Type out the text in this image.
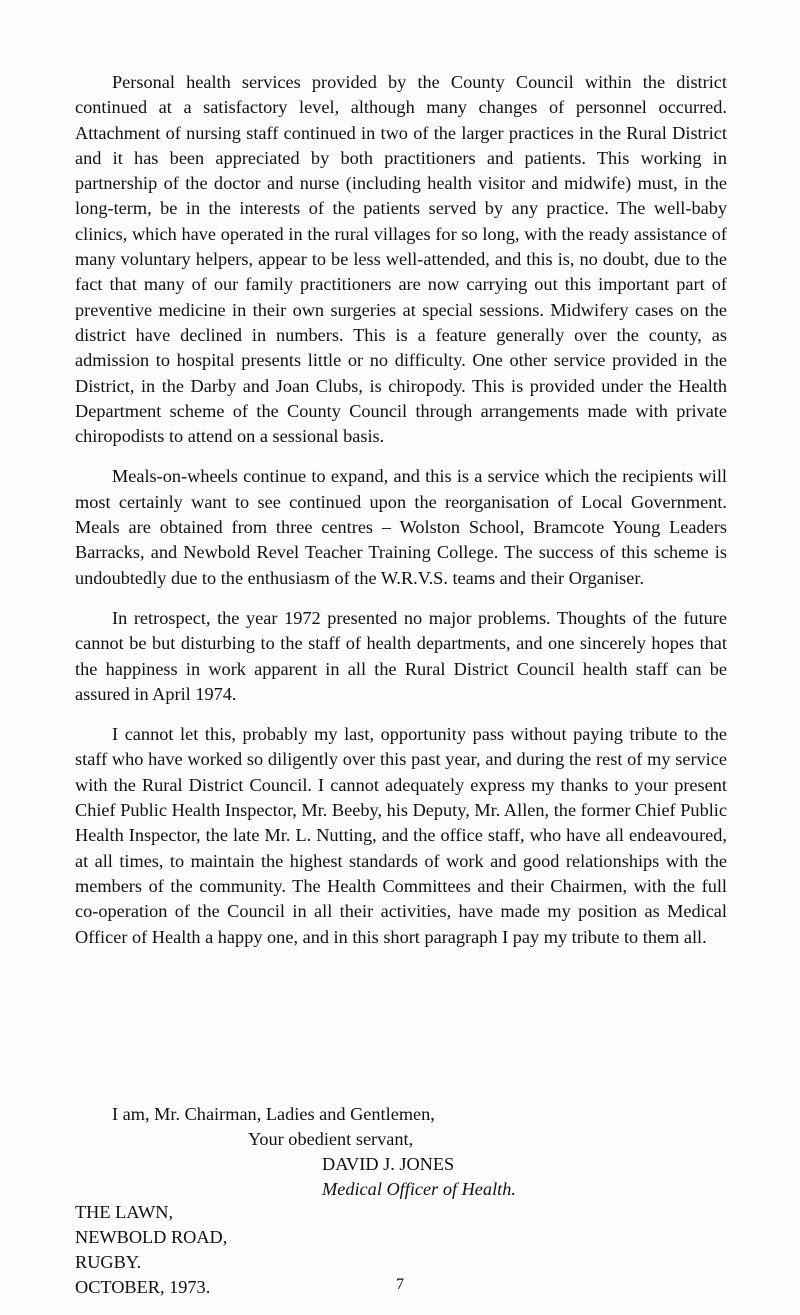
Personal health services provided by the County Council within the district continued at a satisfactory level, although many changes of personnel occurred. Attachment of nursing staff continued in two of the larger practices in the Rural District and it has been appreciated by both practitioners and patients. This working in partnership of the doctor and nurse (including health visitor and midwife) must, in the long-term, be in the interests of the patients served by any practice. The well-baby clinics, which have operated in the rural villages for so long, with the ready assistance of many voluntary helpers, appear to be less well-attended, and this is, no doubt, due to the fact that many of our family practitioners are now carrying out this important part of preventive medicine in their own surgeries at special sessions. Midwifery cases on the district have declined in numbers. This is a feature generally over the county, as admission to hospital presents little or no difficulty. One other service provided in the District, in the Darby and Joan Clubs, is chiropody. This is provided under the Health Department scheme of the County Council through arrangements made with private chiropodists to attend on a sessional basis.

Meals-on-wheels continue to expand, and this is a service which the recipients will most certainly want to see continued upon the reorganisation of Local Government. Meals are obtained from three centres – Wolston School, Bramcote Young Leaders Barracks, and Newbold Revel Teacher Training College. The success of this scheme is undoubtedly due to the enthusiasm of the W.R.V.S. teams and their Organiser.

In retrospect, the year 1972 presented no major problems. Thoughts of the future cannot be but disturbing to the staff of health departments, and one sincerely hopes that the happiness in work apparent in all the Rural District Council health staff can be assured in April 1974.

I cannot let this, probably my last, opportunity pass without paying tribute to the staff who have worked so diligently over this past year, and during the rest of my service with the Rural District Council. I cannot adequately express my thanks to your present Chief Public Health Inspector, Mr. Beeby, his Deputy, Mr. Allen, the former Chief Public Health Inspector, the late Mr. L. Nutting, and the office staff, who have all endeavoured, at all times, to maintain the highest standards of work and good relationships with the members of the community. The Health Committees and their Chairmen, with the full co-operation of the Council in all their activities, have made my position as Medical Officer of Health a happy one, and in this short paragraph I pay my tribute to them all.

I am, Mr. Chairman, Ladies and Gentlemen,
Your obedient servant,
DAVID J. JONES
Medical Officer of Health.
THE LAWN,
NEWBOLD ROAD,
RUGBY.
OCTOBER, 1973.	7
